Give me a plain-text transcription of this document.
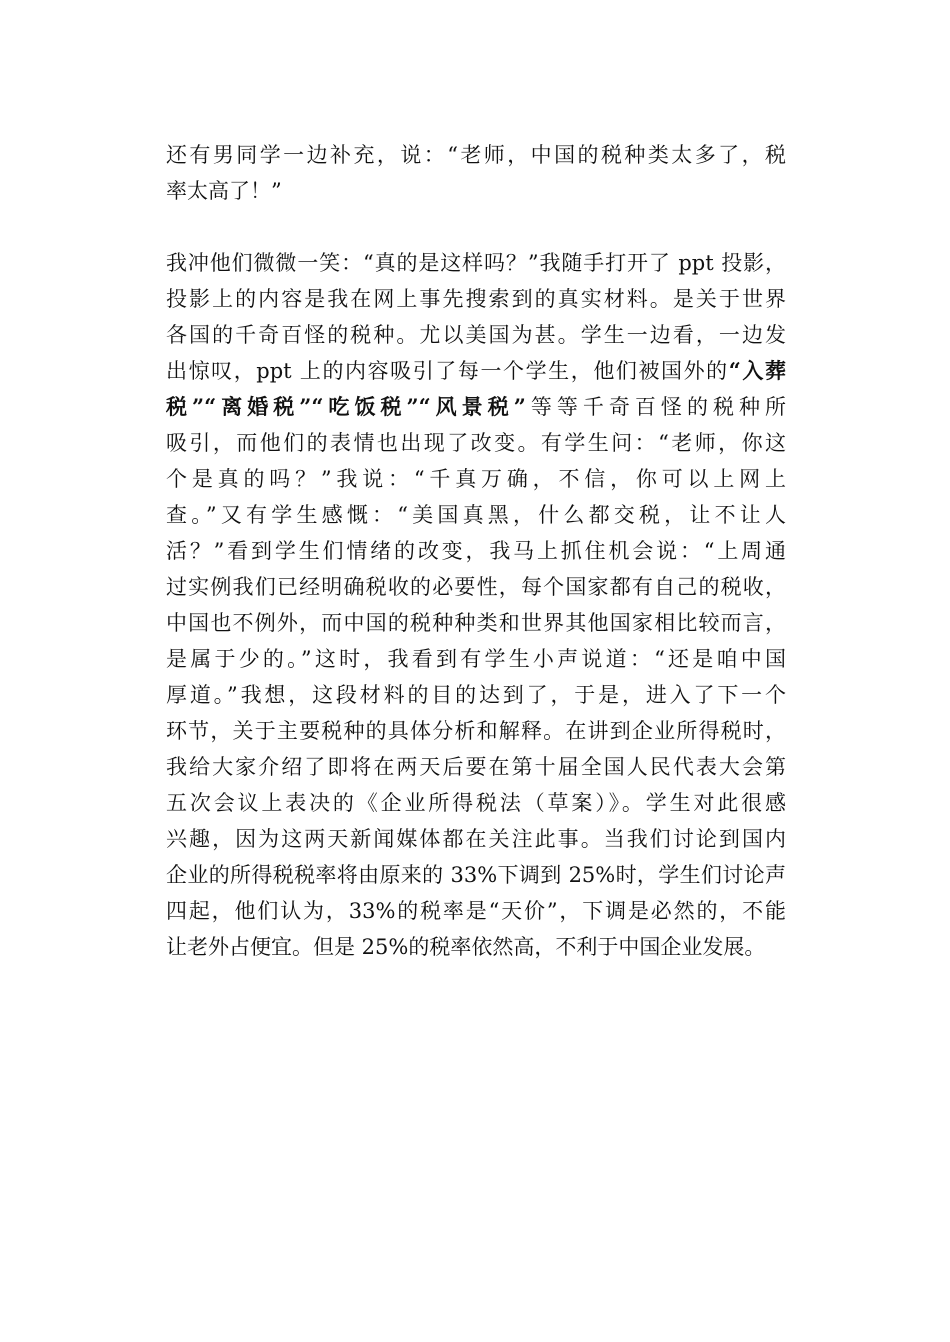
还有男同学一边补充，说：“老师，中国的税种类太多了，税
率太高了！”
我冲他们微微一笑：“真的是这样吗？”我随手打开了 ppt 投影，
投影上的内容是我在网上事先搜索到的真实材料。是关于世界
各国的千奇百怪的税种。尤以美国为甚。学生一边看，一边发
出惊叹，ppt 上的内容吸引了每一个学生，他们被国外的“入葬
税”“离婚税”“吃饭税”“风景税”等等千奇百怪的税种所
吸引，而他们的表情也出现了改变。有学生问：“老师，你这
个是真的吗？”我说：“千真万确，不信，你可以上网上
查。”又有学生感慨：“美国真黑，什么都交税，让不让人
活？”看到学生们情绪的改变，我马上抓住机会说：“上周通
过实例我们已经明确税收的必要性，每个国家都有自己的税收，
中国也不例外，而中国的税种种类和世界其他国家相比较而言，
是属于少的。”这时，我看到有学生小声说道：“还是咱中国
厚道。”我想，这段材料的目的达到了，于是，进入了下一个
环节，关于主要税种的具体分析和解释。在讲到企业所得税时，
我给大家介绍了即将在两天后要在第十届全国人民代表大会第
五次会议上表决的《企业所得税法（草案）》。学生对此很感
兴趣，因为这两天新闻媒体都在关注此事。当我们讨论到国内
企业的所得税税率将由原来的 33%下调到 25%时，学生们讨论声
四起，他们认为，33%的税率是“天价”，下调是必然的，不能
让老外占便宜。但是 25%的税率依然高，不利于中国企业发展。
